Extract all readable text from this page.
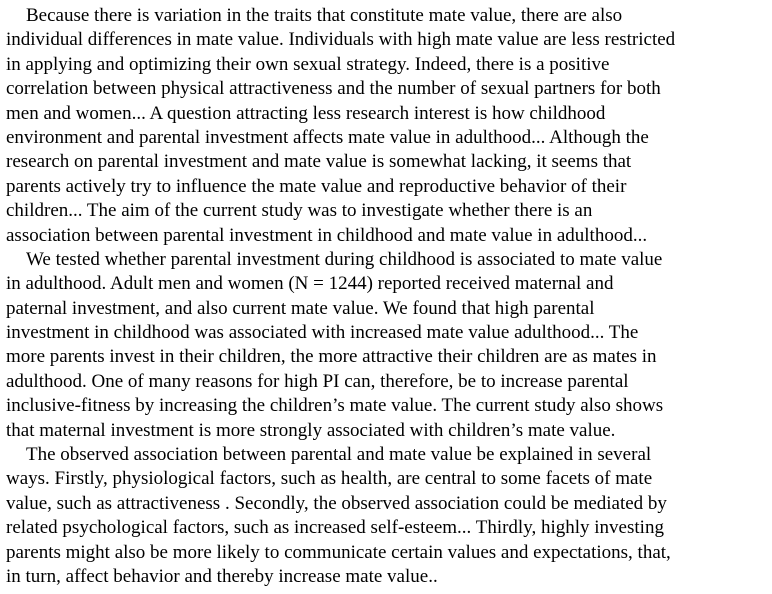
Because there is variation in the traits that constitute mate value, there are also
individual differences in mate value. Individuals with high mate value are less restricted
in applying and optimizing their own sexual strategy. Indeed, there is a positive
correlation between physical attractiveness and the number of sexual partners for both
men and women... A question attracting less research interest is how childhood
environment and parental investment affects mate value in adulthood... Although the
research on parental investment and mate value is somewhat lacking, it seems that
parents actively try to influence the mate value and reproductive behavior of their
children... The aim of the current study was to investigate whether there is an
association between parental investment in childhood and mate value in adulthood...
We tested whether parental investment during childhood is associated to mate value
in adulthood. Adult men and women (N = 1244) reported received maternal and
paternal investment, and also current mate value. We found that high parental
investment in childhood was associated with increased mate value adulthood... The
more parents invest in their children, the more attractive their children are as mates in
adulthood. One of many reasons for high PI can, therefore, be to increase parental
inclusive-fitness by increasing the children’s mate value. The current study also shows
that maternal investment is more strongly associated with children’s mate value.
The observed association between parental and mate value be explained in several
ways. Firstly, physiological factors, such as health, are central to some facets of mate
value, such as attractiveness . Secondly, the observed association could be mediated by
related psychological factors, such as increased self-esteem... Thirdly, highly investing
parents might also be more likely to communicate certain values and expectations, that,
in turn, affect behavior and thereby increase mate value..
